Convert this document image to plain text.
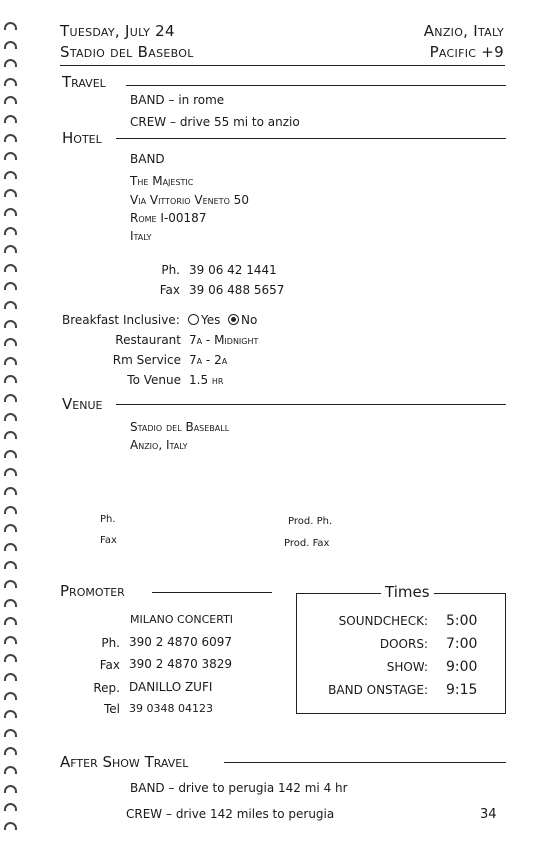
Tuesday, July 24
Stadio del Basebol
Anzio, Italy
Pacific +9
Travel
BAND – in rome
CREW – drive 55 mi to anzio
Hotel
BAND
The Majestic
Via Vittorio Veneto 50
Rome I-00187
Italy
Ph. 39 06 42 1441
Fax 39 06 488 5657
Breakfast Inclusive:	Yes No
Restaurant 7a - Midnight
Rm Service 7a - 2a
To Venue 1.5 hr
Venue
Stadio del Baseball
Anzio, Italy
Ph.
Fax
Prod. Ph.
Prod. Fax
Promoter
MILANO CONCERTI
Ph. 390 2 4870 6097
Fax 390 2 4870 3829
Rep. DANILLO ZUFI
Tel 39 0348 04123
Times
SOUNDCHECK: 5:00
DOORS: 7:00
SHOW: 9:00
BAND ONSTAGE: 9:15
After Show Travel
BAND – drive to perugia 142 mi 4 hr
CREW – drive 142 miles to perugia	34
